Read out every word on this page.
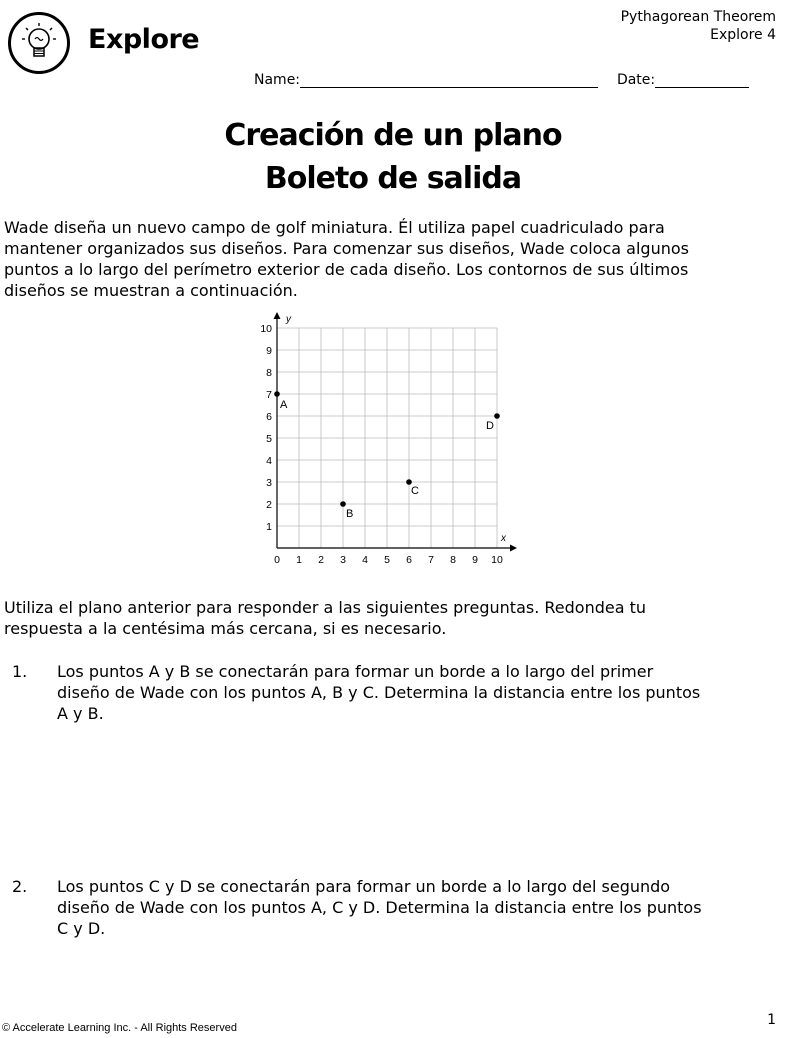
Explore
Pythagorean Theorem
Explore 4
Name:	Date:
Creación de un plano
Boleto de salida
Wade diseña un nuevo campo de golf miniatura. Él utiliza papel cuadriculado para
mantener organizados sus diseños. Para comenzar sus diseños, Wade coloca algunos
puntos a lo largo del perímetro exterior de cada diseño. Los contornos de sus últimos
diseños se muestran a continuación.
x
y
0 1 2 3 4 5 6 7 8 9 10
1
2
3
4
5
6
7
8
9
10
A
B
C
D
Utiliza el plano anterior para responder a las siguientes preguntas. Redondea tu
respuesta a la centésima más cercana, si es necesario.
1.	Los puntos A y B se conectarán para formar un borde a lo largo del primer
diseño de Wade con los puntos A, B y C. Determina la distancia entre los puntos
A y B.
2.	Los puntos C y D se conectarán para formar un borde a lo largo del segundo
diseño de Wade con los puntos A, C y D. Determina la distancia entre los puntos
C y D.
© Accelerate Learning Inc. - All Rights Reserved	1
